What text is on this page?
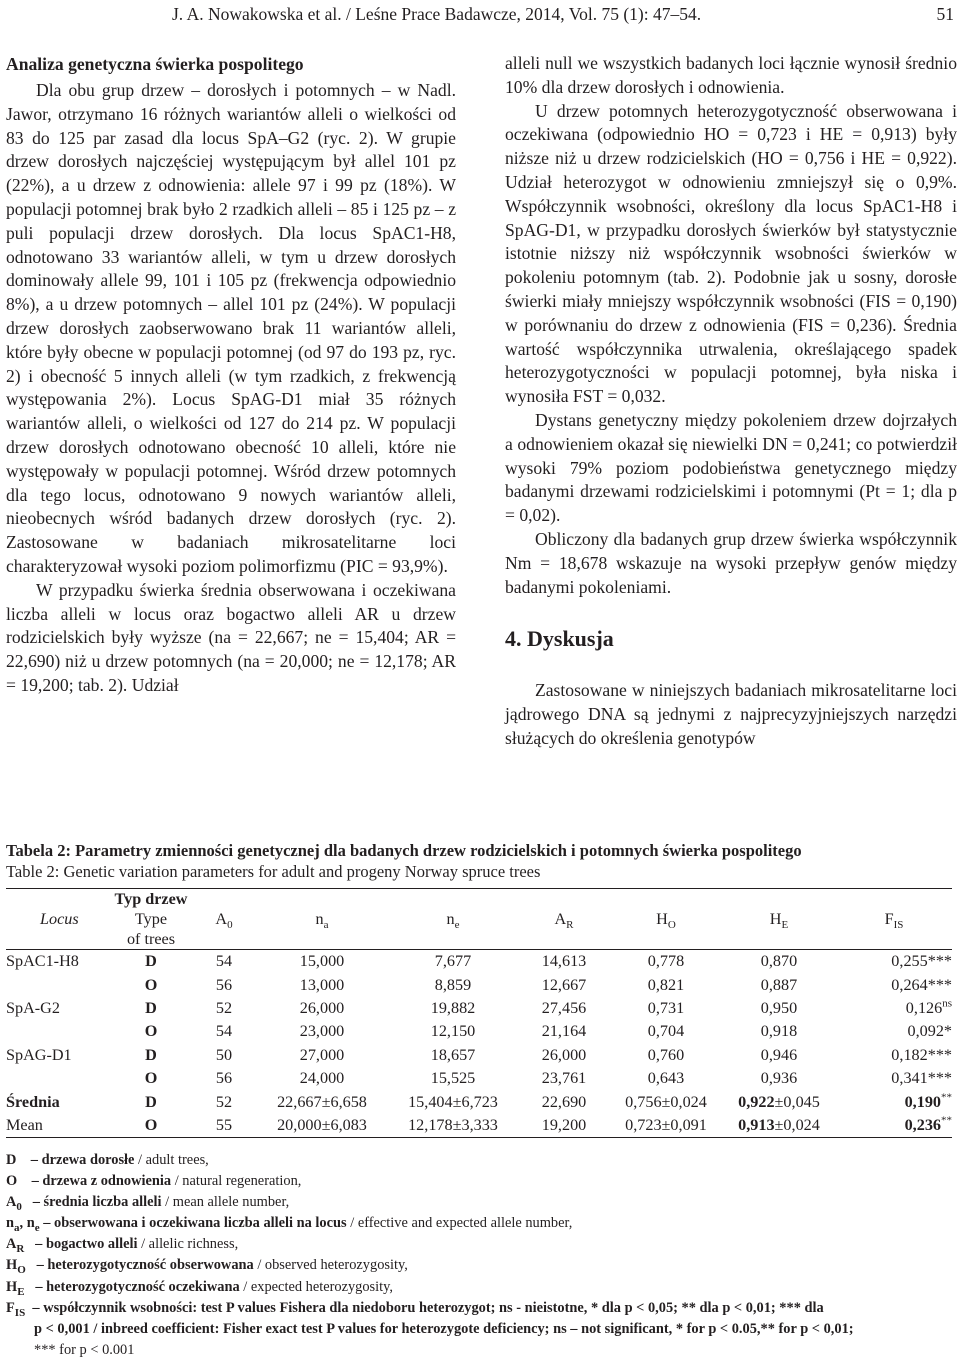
J. A. Nowakowska et al. / Leśne Prace Badawcze, 2014, Vol. 75 (1): 47–54.	51
Analiza genetyczna świerka pospolitego

Dla obu grup drzew – dorosłych i potomnych – w Nadl. Jawor, otrzymano 16 różnych wariantów alleli o wielkości od 83 do 125 par zasad dla locus SpA–G2 (ryc. 2). W grupie drzew dorosłych najczęściej występującym był allel 101 pz (22%), a u drzew z odnowienia: allele 97 i 99 pz (18%). W populacji potomnej brak było 2 rzadkich alleli – 85 i 125 pz – z puli populacji drzew dorosłych. Dla locus SpAC1-H8, odnotowano 33 wariantów alleli, w tym u drzew dorosłych dominowały allele 99, 101 i 105 pz (frekwencja odpowiednio 8%), a u drzew potomnych – allel 101 pz (24%). W populacji drzew dorosłych zaobserwowano brak 11 wariantów alleli, które były obecne w populacji potomnej (od 97 do 193 pz, ryc. 2) i obecność 5 innych alleli (w tym rzadkich, z frekwencją występowania 2%). Locus SpAG-D1 miał 35 różnych wariantów alleli, o wielkości od 127 do 214 pz. W populacji drzew dorosłych odnotowano obecność 10 alleli, które nie występowały w populacji potomnej. Wśród drzew potomnych dla tego locus, odnotowano 9 nowych wariantów alleli, nieobecnych wśród badanych drzew dorosłych (ryc. 2). Zastosowane w badaniach mikrosatelitarne loci charakteryzował wysoki poziom polimorfizmu (PIC = 93,9%).

W przypadku świerka średnia obserwowana i oczekiwana liczba alleli w locus oraz bogactwo alleli AR u drzew rodzicielskich były wyższe (na = 22,667; ne = 15,404; AR = 22,690) niż u drzew potomnych (na = 20,000; ne = 12,178; AR = 19,200; tab. 2). Udział

alleli null we wszystkich badanych loci łącznie wynosił średnio 10% dla drzew dorosłych i odnowienia.

U drzew potomnych heterozygotyczność obserwowana i oczekiwana (odpowiednio HO = 0,723 i HE = 0,913) były niższe niż u drzew rodzicielskich (HO = 0,756 i HE = 0,922). Udział heterozygot w odnowieniu zmniejszył się o 0,9%. Współczynnik wsobności, określony dla locus SpAC1-H8 i SpAG-D1, w przypadku dorosłych świerków był statystycznie istotnie niższy niż współczynnik wsobności świerków w pokoleniu potomnym (tab. 2). Podobnie jak u sosny, dorosłe świerki miały mniejszy współczynnik wsobności (FIS = 0,190) w porównaniu do drzew z odnowienia (FIS = 0,236). Średnia wartość współczynnika utrwalenia, określającego spadek heterozygotyczności w populacji potomnej, była niska i wynosiła FST = 0,032.

Dystans genetyczny między pokoleniem drzew dojrzałych a odnowieniem okazał się niewielki DN = 0,241; co potwierdził wysoki 79% poziom podobieństwa genetycznego między badanymi drzewami rodzicielskimi i potomnymi (Pt = 1; dla p = 0,02).

Obliczony dla badanych grup drzew świerka współczynnik Nm = 18,678 wskazuje na wysoki przepływ genów między badanymi pokoleniami.

4. Dyskusja

Zastosowane w niniejszych badaniach mikrosatelitarne loci jądrowego DNA są jednymi z najprecyzyjniejszych narzędzi służących do określenia genotypów

Tabela 2: Parametry zmienności genetycznej dla badanych drzew rodzicielskich i potomnych świerka pospolitego
Table 2: Genetic variation parameters for adult and progeny Norway spruce trees
Locus	Typ drzew
Type
of trees	$A_0$	$n_a$	$n_e$	$A_R$	$H_O$	$H_E$	$F_{IS}$
SpAC1-H8	D	54	15,000	7,677	14,613	0,778	0,870	0,255***
	O	56	13,000	8,859	12,667	0,821	0,887	0,264***
SpA-G2	D	52	26,000	19,882	27,456	0,731	0,950	$0,126^{ns}$
	O	54	23,000	12,150	21,164	0,704	0,918	0,092*
SpAG-D1	D	50	27,000	18,657	26,000	0,760	0,946	0,182***
	O	56	24,000	15,525	23,761	0,643	0,936	0,341***
Średnia	D	52	22,667±6,658	15,404±6,723	22,690	0,756±0,024	0,922±0,045	0,190**
Mean	O	55	20,000±6,083	12,178±3,333	19,200	0,723±0,091	0,913±0,024	0,236**
D – drzewa dorosłe / adult trees,
O – drzewa z odnowienia / natural regeneration,
$A_0$ – średnia liczba alleli / mean allele number,
$n_a$, $n_e$ – obserwowana i oczekiwana liczba alleli na locus / effective and expected allele number,
$A_R$ – bogactwo alleli / allelic richness,
$H_O$ – heterozygotyczność obserwowana / observed heterozygosity,
$H_E$ – heterozygotyczność oczekiwana / expected heterozygosity,
$F_{IS}$ – współczynnik wsobności: test P values Fishera dla niedoboru heterozygot; ns - nieistotne, * dla p < 0,05; ** dla p < 0,01; *** dla
p < 0,001 / inbreed coefficient: Fisher exact test P values for heterozygote deficiency; ns – not significant, * for p < 0.05,** for p < 0,01;
*** for p < 0.001
